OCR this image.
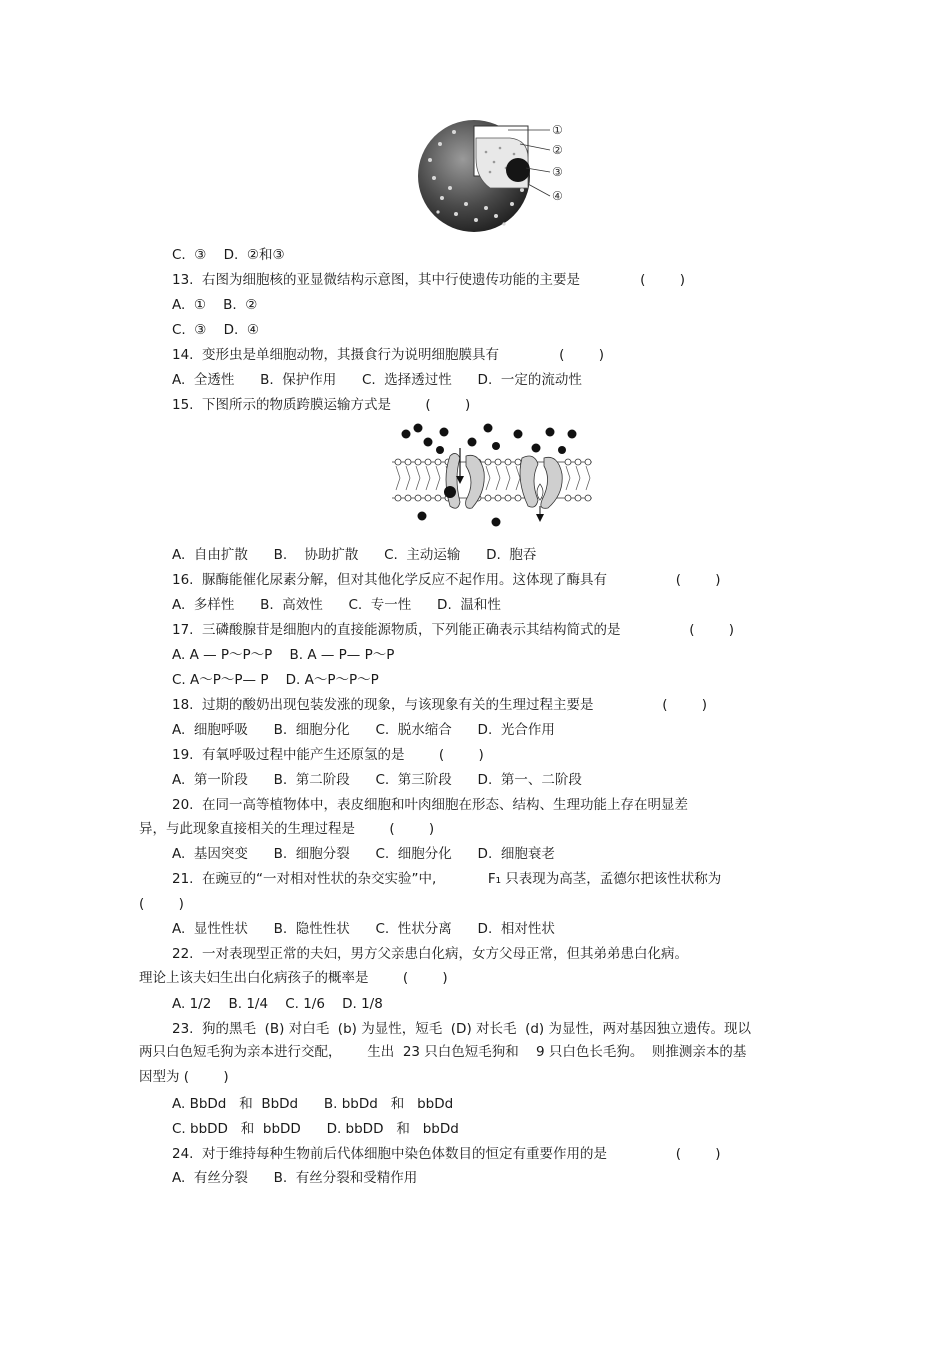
①
②
③
④
C.  ③    D.  ②和③
13.  右图为细胞核的亚显微结构示意图，其中行使遗传功能的主要是              (        )
A.  ①    B.  ②
C.  ③    D.  ④
14.  变形虫是单细胞动物，其摄食行为说明细胞膜具有              (        )
A.  全透性      B.  保护作用      C.  选择透过性      D.  一定的流动性
15.  下图所示的物质跨膜运输方式是        (        )
A.  自由扩散      B.    协助扩散      C.  主动运输      D.  胞吞
16.  脲酶能催化尿素分解，但对其他化学反应不起作用。这体现了酶具有                (        )
A.  多样性      B.  高效性      C.  专一性      D.  温和性
17.  三磷酸腺苷是细胞内的直接能源物质，下列能正确表示其结构简式的是                (        )
A. A — P～P～P    B. A — P— P～P
C. A～P～P— P    D. A～P～P～P
18.  过期的酸奶出现包装发涨的现象，与该现象有关的生理过程主要是                (        )
A.  细胞呼吸      B.  细胞分化      C.  脱水缩合      D.  光合作用
19.  有氧呼吸过程中能产生还原氢的是        (        )
A.  第一阶段      B.  第二阶段      C.  第三阶段      D.  第一、二阶段
20.  在同一高等植物体中，表皮细胞和叶肉细胞在形态、结构、生理功能上存在明显差
异，与此现象直接相关的生理过程是        (        )
A.  基因突变      B.  细胞分裂      C.  细胞分化      D.  细胞衰老
21.  在豌豆的“一对相对性状的杂交实验”中,            F₁ 只表现为高茎，孟德尔把该性状称为
(        )
A.  显性性状      B.  隐性性状      C.  性状分离      D.  相对性状
22.  一对表现型正常的夫妇，男方父亲患白化病，女方父母正常，但其弟弟患白化病。
理论上该夫妇生出白化病孩子的概率是        (        )
A. 1/2    B. 1/4    C. 1/6    D. 1/8
23.  狗的黑毛  (B) 对白毛  (b) 为显性，短毛  (D) 对长毛  (d) 为显性，两对基因独立遗传。现以
两只白色短毛狗为亲本进行交配，      生出  23 只白色短毛狗和    9 只白色长毛狗。  则推测亲本的基
因型为 (        )
A. BbDd   和  BbDd      B. bbDd   和   bbDd
C. bbDD   和  bbDD      D. bbDD   和   bbDd
24.  对于维持每种生物前后代体细胞中染色体数目的恒定有重要作用的是                (        )
A.  有丝分裂      B.  有丝分裂和受精作用
